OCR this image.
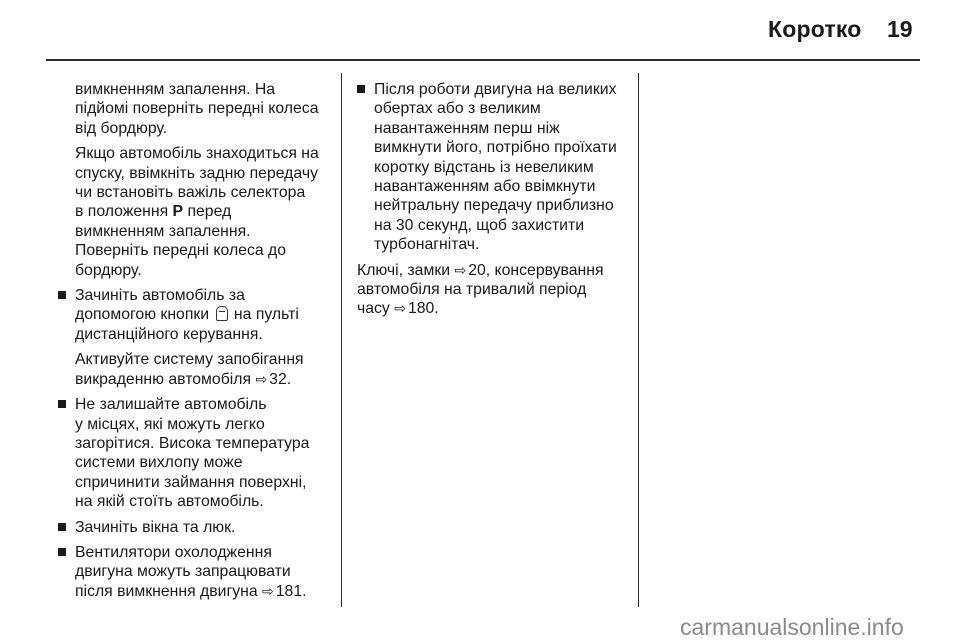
Коротко 19
вимкненням запалення. На
підйомі поверніть передні колеса
від бордюру.
Якщо автомобіль знаходиться на
спуску, ввімкніть задню передачу
чи встановіть важіль селектора
в положення P перед
вимкненням запалення.
Поверніть передні колеса до
бордюру.
Зачиніть автомобіль за
допомогою кнопки  на пульті
дистанційного керування.
Активуйте систему запобігання
викраденню автомобіля ⇨ 32.
Не залишайте автомобіль
у місцях, які можуть легко
загорітися. Висока температура
системи вихлопу може
спричинити займання поверхні,
на якій стоїть автомобіль.
Зачиніть вікна та люк.
Вентилятори охолодження
двигуна можуть запрацювати
після вимкнення двигуна ⇨ 181.
Після роботи двигуна на великих
обертах або з великим
навантаженням перш ніж
вимкнути його, потрібно проїхати
коротку відстань із невеликим
навантаженням або ввімкнути
нейтральну передачу приблизно
на 30 секунд, щоб захистити
турбонагнітач.
Ключі, замки ⇨ 20, консервування
автомобіля на тривалий період
часу ⇨ 180.
carmanualsonline.info
